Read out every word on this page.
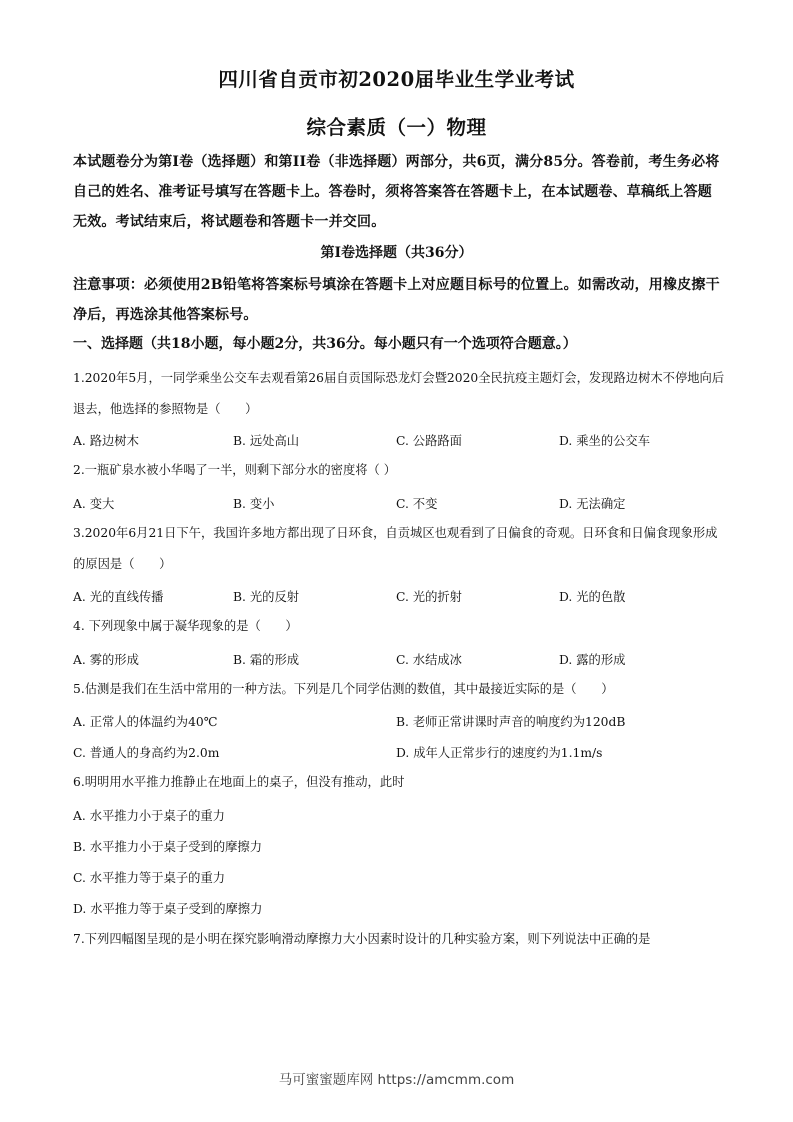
四川省自贡市初2020届毕业生学业考试
综合素质（一）物理
本试题卷分为第I卷（选择题）和第II卷（非选择题）两部分，共6页，满分85分。答卷前，考生务必将自己的姓名、准考证号填写在答题卡上。答卷时，须将答案答在答题卡上，在本试题卷、草稿纸上答题无效。考试结束后，将试题卷和答题卡一并交回。
第I卷选择题（共36分）
注意事项：必须使用2B铅笔将答案标号填涂在答题卡上对应题目标号的位置上。如需改动，用橡皮擦干净后，再选涂其他答案标号。
一、选择题（共18小题，每小题2分，共36分。每小题只有一个选项符合题意。）
1.2020年5月，一同学乘坐公交车去观看第26届自贡国际恐龙灯会暨2020全民抗疫主题灯会，发现路边树木不停地向后退去，他选择的参照物是（　　）
A. 路边树木	B. 远处高山	C. 公路路面	D. 乘坐的公交车
2.一瓶矿泉水被小华喝了一半，则剩下部分水的密度将（ ）
A. 变大	B. 变小	C. 不变	D. 无法确定
3.2020年6月21日下午，我国许多地方都出现了日环食，自贡城区也观看到了日偏食的奇观。日环食和日偏食现象形成的原因是（　　）
A. 光的直线传播	B. 光的反射	C. 光的折射	D. 光的色散
4. 下列现象中属于凝华现象的是（　　）
A. 雾的形成	B. 霜的形成	C. 水结成冰	D. 露的形成
5.估测是我们在生活中常用的一种方法。下列是几个同学估测的数值，其中最接近实际的是（　　）
A. 正常人的体温约为40℃	B. 老师正常讲课时声音的响度约为120dB
C. 普通人的身高约为2.0m	D. 成年人正常步行的速度约为1.1m/s
6.明明用水平推力推静止在地面上的桌子，但没有推动，此时
A. 水平推力小于桌子的重力
B. 水平推力小于桌子受到的摩擦力
C. 水平推力等于桌子的重力
D. 水平推力等于桌子受到的摩擦力
7.下列四幅图呈现的是小明在探究影响滑动摩擦力大小因素时设计的几种实验方案，则下列说法中正确的是
马可蜜蜜题库网 https://amcmm.com
